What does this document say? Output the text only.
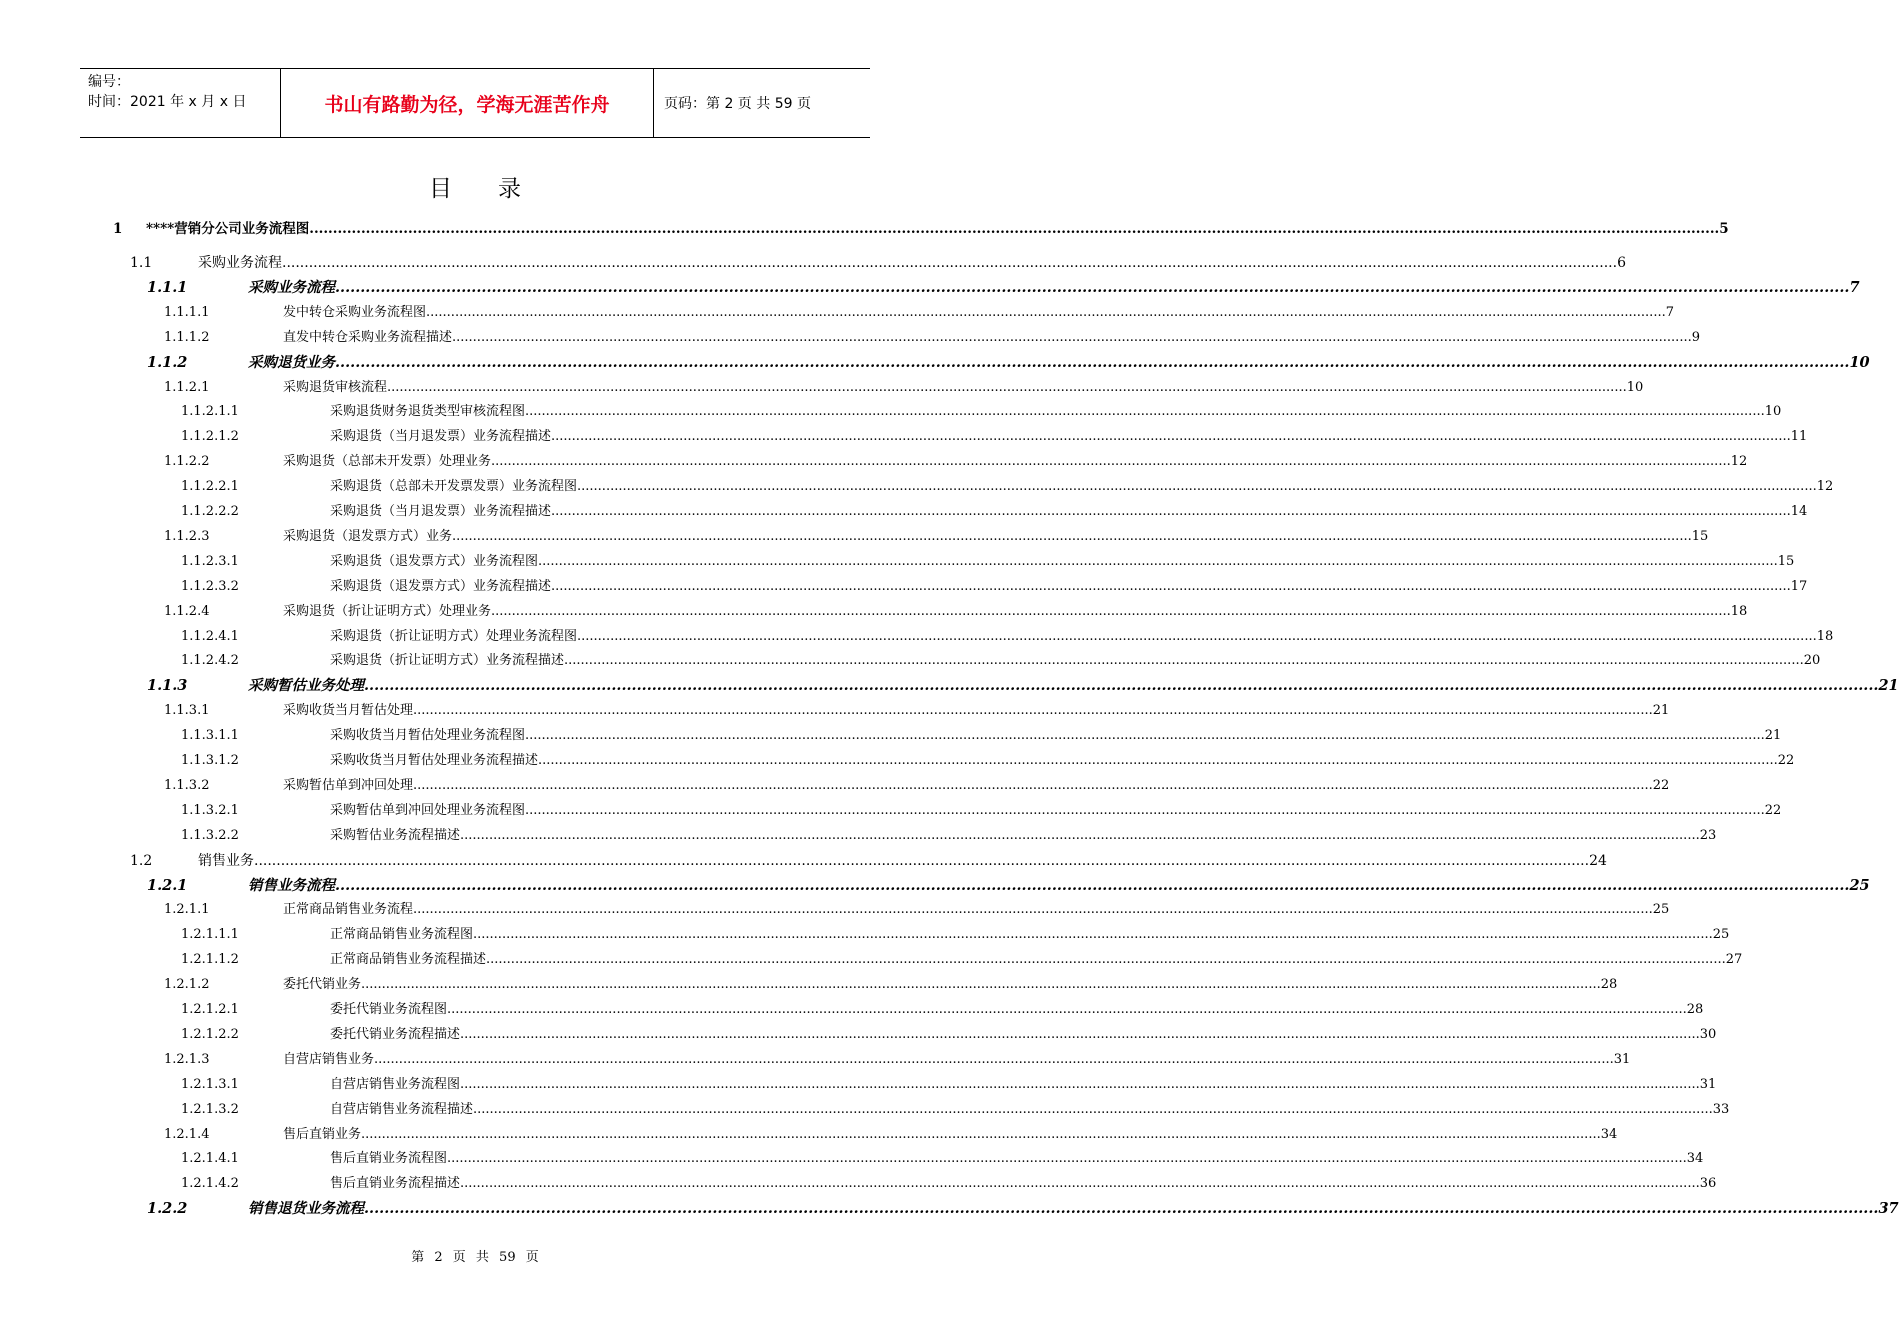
编号：
时间：2021 年 x 月 x 日	书山有路勤为径，学海无涯苦作舟	页码：第 2 页 共 59 页
目录
1 ****营销分公司业务流程图 ............................................................................................................................................................................................................................................................................................................ 5
1.1	采购业务流程 ............................................................................................................................................................................................................................................................................................................ 6
1.1.1	采购业务流程 ............................................................................................................................................................................................................................................................................................................ 7
1.1.1.1	发中转仓采购业务流程图 ............................................................................................................................................................................................................................................................................................................ 7
1.1.1.2	直发中转仓采购业务流程描述 ............................................................................................................................................................................................................................................................................................................ 9
1.1.2	采购退货业务 ............................................................................................................................................................................................................................................................................................................ 10
1.1.2.1	采购退货审核流程 ............................................................................................................................................................................................................................................................................................................ 10
1.1.2.1.1	采购退货财务退货类型审核流程图 ............................................................................................................................................................................................................................................................................................................ 10
1.1.2.1.2	采购退货（当月退发票）业务流程描述 ............................................................................................................................................................................................................................................................................................................ 11
1.1.2.2	采购退货（总部未开发票）处理业务 ............................................................................................................................................................................................................................................................................................................ 12
1.1.2.2.1	采购退货（总部未开发票发票）业务流程图 ............................................................................................................................................................................................................................................................................................................ 12
1.1.2.2.2	采购退货（当月退发票）业务流程描述 ............................................................................................................................................................................................................................................................................................................ 14
1.1.2.3	采购退货（退发票方式）业务 ............................................................................................................................................................................................................................................................................................................ 15
1.1.2.3.1	采购退货（退发票方式）业务流程图 ............................................................................................................................................................................................................................................................................................................ 15
1.1.2.3.2	采购退货（退发票方式）业务流程描述 ............................................................................................................................................................................................................................................................................................................ 17
1.1.2.4	采购退货（折让证明方式）处理业务 ............................................................................................................................................................................................................................................................................................................ 18
1.1.2.4.1	采购退货（折让证明方式）处理业务流程图 ............................................................................................................................................................................................................................................................................................................ 18
1.1.2.4.2	采购退货（折让证明方式）业务流程描述 ............................................................................................................................................................................................................................................................................................................ 20
1.1.3	采购暂估业务处理 ............................................................................................................................................................................................................................................................................................................ 21
1.1.3.1	采购收货当月暂估处理 ............................................................................................................................................................................................................................................................................................................ 21
1.1.3.1.1	采购收货当月暂估处理业务流程图 ............................................................................................................................................................................................................................................................................................................ 21
1.1.3.1.2	采购收货当月暂估处理业务流程描述 ............................................................................................................................................................................................................................................................................................................ 22
1.1.3.2	采购暂估单到冲回处理 ............................................................................................................................................................................................................................................................................................................ 22
1.1.3.2.1	采购暂估单到冲回处理业务流程图 ............................................................................................................................................................................................................................................................................................................ 22
1.1.3.2.2	采购暂估业务流程描述 ............................................................................................................................................................................................................................................................................................................ 23
1.2	销售业务 ............................................................................................................................................................................................................................................................................................................ 24
1.2.1	销售业务流程 ............................................................................................................................................................................................................................................................................................................ 25
1.2.1.1	正常商品销售业务流程 ............................................................................................................................................................................................................................................................................................................ 25
1.2.1.1.1	正常商品销售业务流程图 ............................................................................................................................................................................................................................................................................................................ 25
1.2.1.1.2	正常商品销售业务流程描述 ............................................................................................................................................................................................................................................................................................................ 27
1.2.1.2	委托代销业务 ............................................................................................................................................................................................................................................................................................................ 28
1.2.1.2.1	委托代销业务流程图 ............................................................................................................................................................................................................................................................................................................ 28
1.2.1.2.2	委托代销业务流程描述 ............................................................................................................................................................................................................................................................................................................ 30
1.2.1.3	自营店销售业务 ............................................................................................................................................................................................................................................................................................................ 31
1.2.1.3.1	自营店销售业务流程图 ............................................................................................................................................................................................................................................................................................................ 31
1.2.1.3.2	自营店销售业务流程描述 ............................................................................................................................................................................................................................................................................................................ 33
1.2.1.4	售后直销业务 ............................................................................................................................................................................................................................................................................................................ 34
1.2.1.4.1	售后直销业务流程图 ............................................................................................................................................................................................................................................................................................................ 34
1.2.1.4.2	售后直销业务流程描述 ............................................................................................................................................................................................................................................................................................................ 36
1.2.2	销售退货业务流程 ............................................................................................................................................................................................................................................................................................................ 37
第 2 页 共 59 页
